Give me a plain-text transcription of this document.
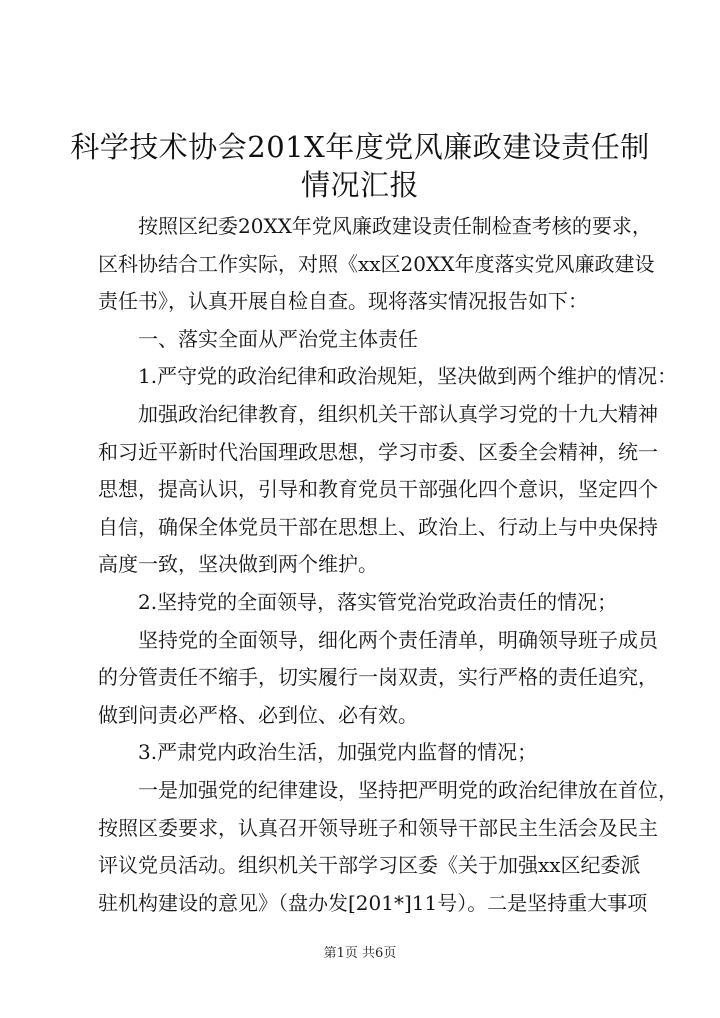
科学技术协会201X年度党风廉政建设责任制
情况汇报
按照区纪委20XX年党风廉政建设责任制检查考核的要求，
区科协结合工作实际，对照《xx区20XX年度落实党风廉政建设
责任书》，认真开展自检自查。现将落实情况报告如下：
一、落实全面从严治党主体责任
1.严守党的政治纪律和政治规矩，坚决做到两个维护的情况：
加强政治纪律教育，组织机关干部认真学习党的十九大精神
和习近平新时代治国理政思想，学习市委、区委全会精神，统一
思想，提高认识，引导和教育党员干部强化四个意识，坚定四个
自信，确保全体党员干部在思想上、政治上、行动上与中央保持
高度一致，坚决做到两个维护。
2.坚持党的全面领导，落实管党治党政治责任的情况；
坚持党的全面领导，细化两个责任清单，明确领导班子成员
的分管责任不缩手，切实履行一岗双责，实行严格的责任追究，
做到问责必严格、必到位、必有效。
3.严肃党内政治生活，加强党内监督的情况；
一是加强党的纪律建设，坚持把严明党的政治纪律放在首位，
按照区委要求，认真召开领导班子和领导干部民主生活会及民主
评议党员活动。组织机关干部学习区委《关于加强xx区纪委派
驻机构建设的意见》（盘办发[201*]11号）。二是坚持重大事项
第1页 共6页
